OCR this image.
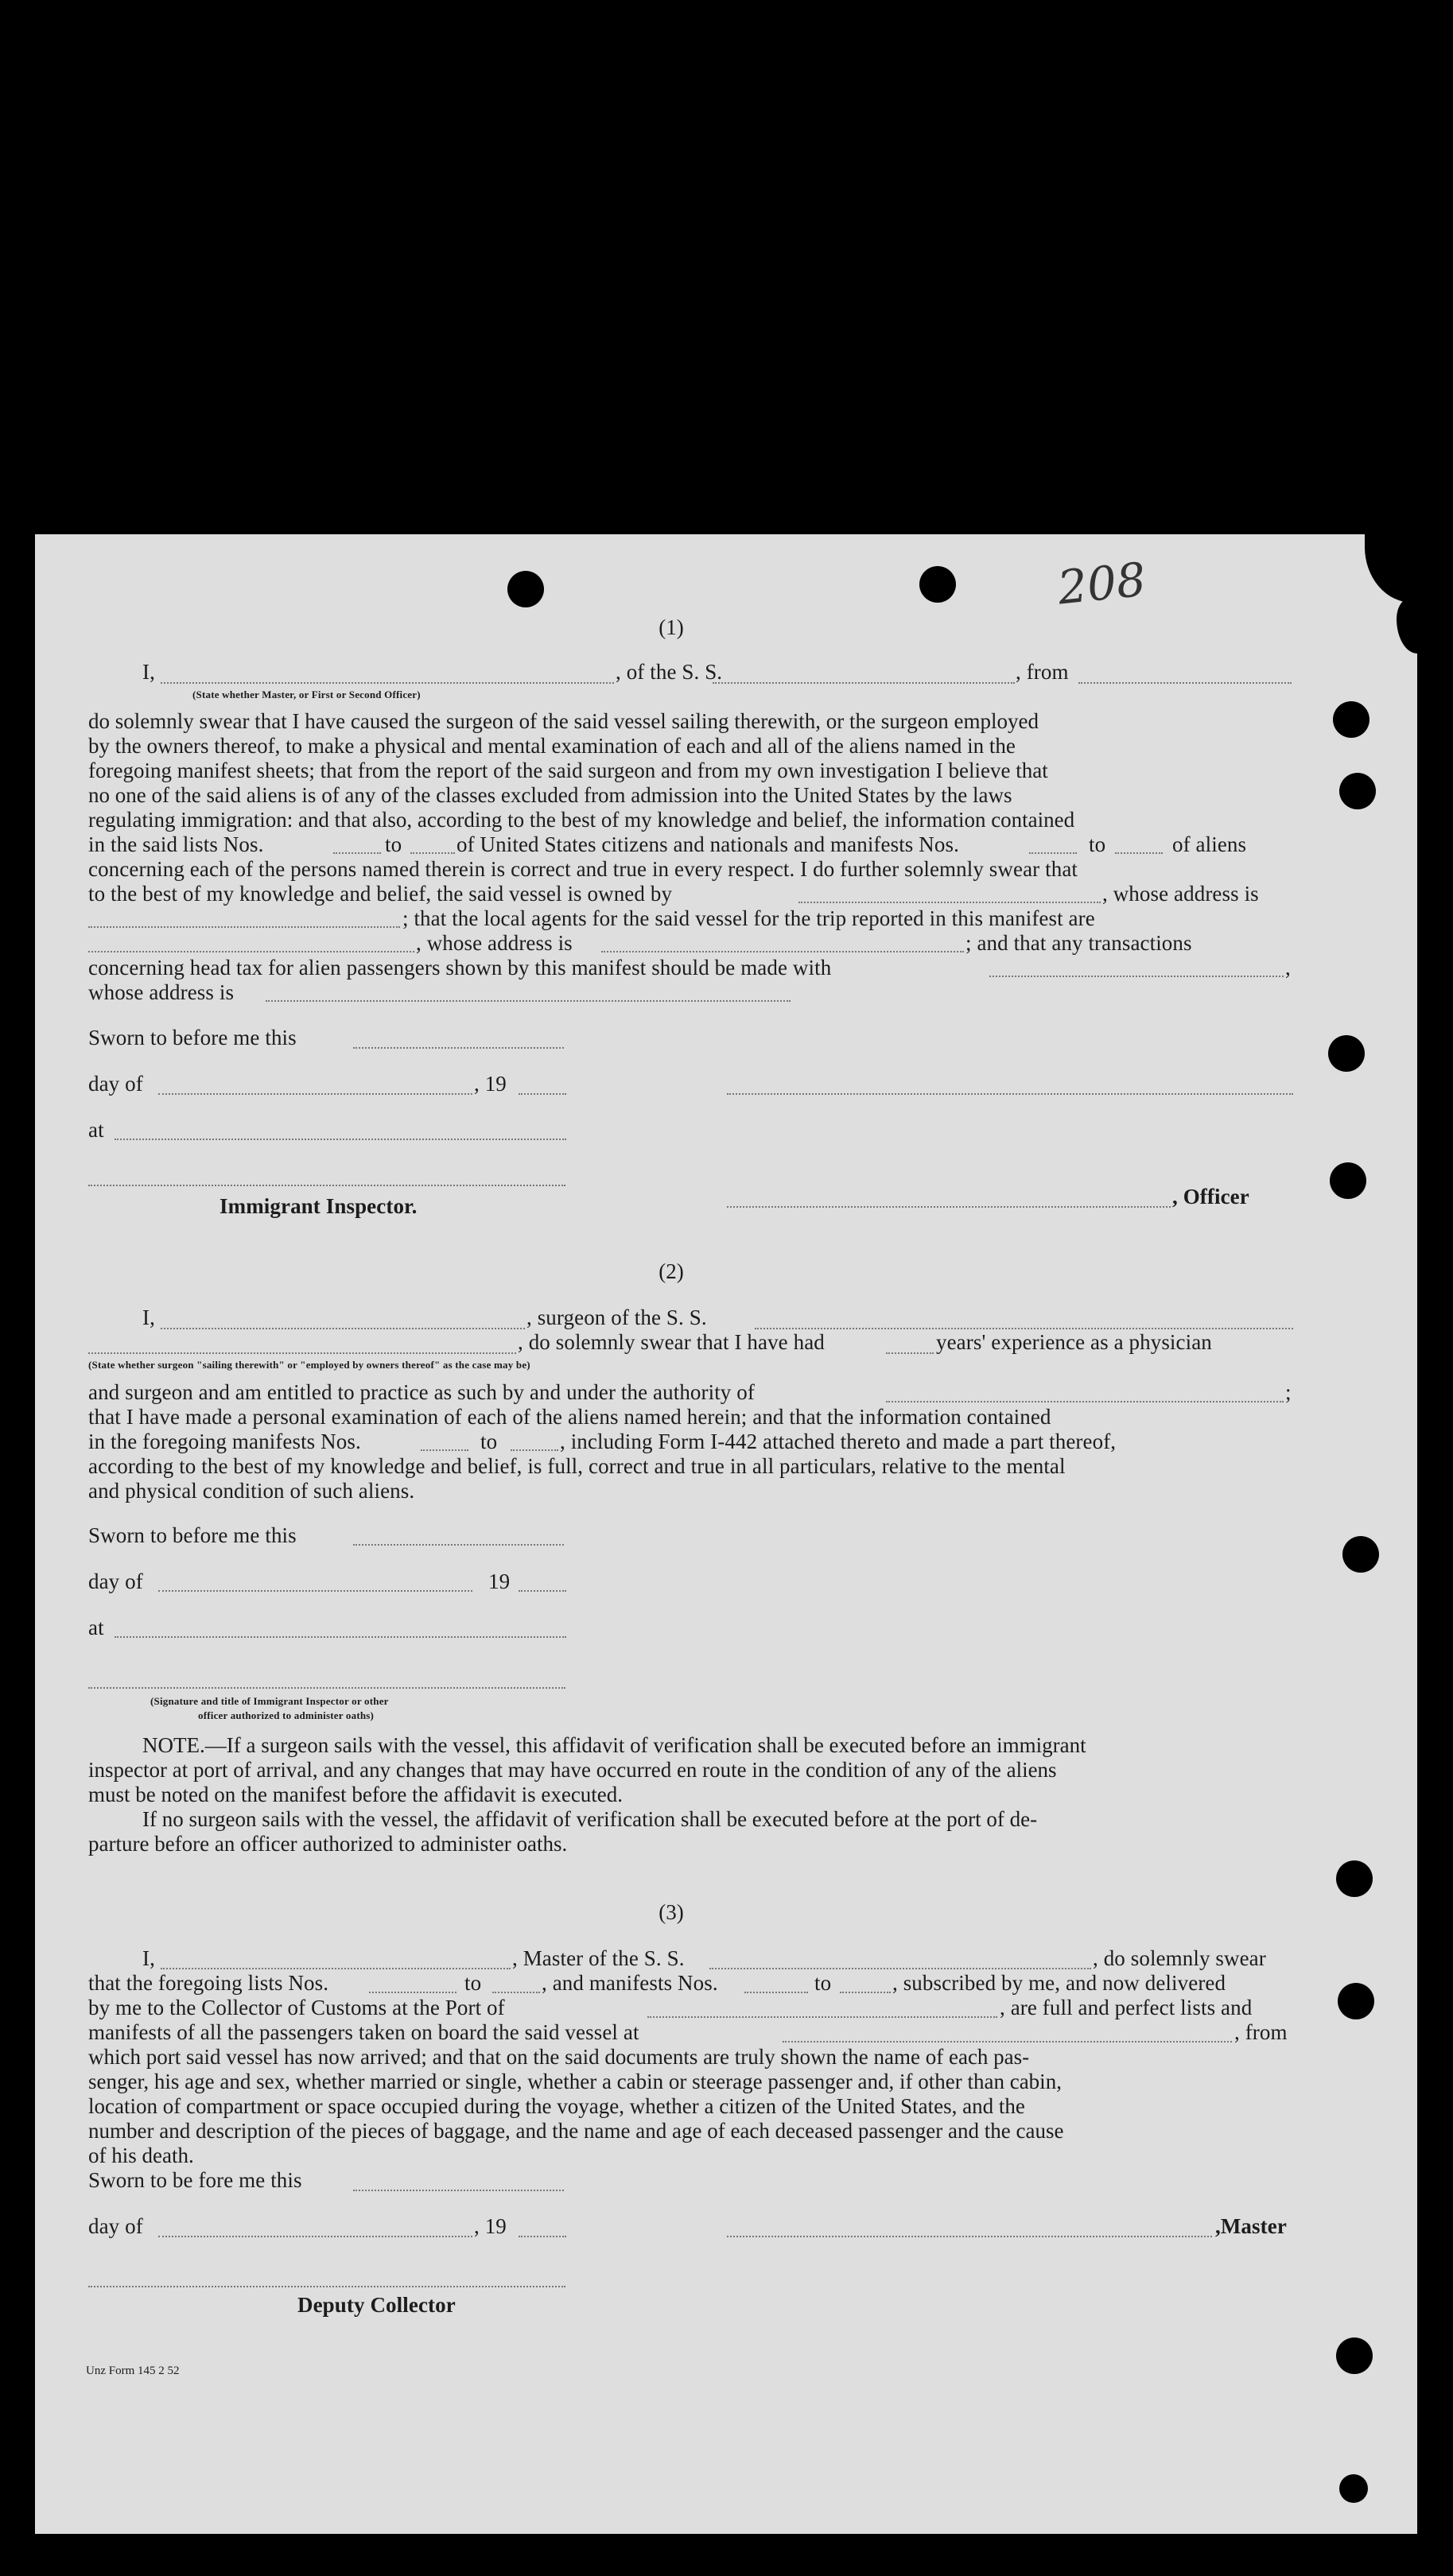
208
(1)
I,	, of the S. S.	, from
(State whether Master, or First or Second Officer)
do solemnly swear that I have caused the surgeon of the said vessel sailing therewith, or the surgeon employed
by the owners thereof, to make a physical and mental examination of each and all of the aliens named in the
foregoing manifest sheets; that from the report of the said surgeon and from my own investigation I believe that
no one of the said aliens is of any of the classes excluded from admission into the United States by the laws
regulating immigration: and that also, according to the best of my knowledge and belief, the information contained
in the said lists Nos.	to	of United States citizens and nationals and manifests Nos.	to	of aliens
concerning each of the persons named therein is correct and true in every respect. I do further solemnly swear that
to the best of my knowledge and belief, the said vessel is owned by	, whose address is
; that the local agents for the said vessel for the trip reported in this manifest are
, whose address is	; and that any transactions
concerning head tax for alien passengers shown by this manifest should be made with	,
whose address is
Sworn to before me this
day of	, 19
at
Immigrant Inspector.	, Officer
(2)
I,	, surgeon of the S. S.
, do solemnly swear that I have had	years' experience as a physician
(State whether surgeon "sailing therewith" or "employed by owners thereof" as the case may be)
and surgeon and am entitled to practice as such by and under the authority of	;
that I have made a personal examination of each of the aliens named herein; and that the information contained
in the foregoing manifests Nos.	to	, including Form I-442 attached thereto and made a part thereof,
according to the best of my knowledge and belief, is full, correct and true in all particulars, relative to the mental
and physical condition of such aliens.
Sworn to before me this
day of	19
at
(Signature and title of Immigrant Inspector or other
officer authorized to administer oaths)
NOTE.—If a surgeon sails with the vessel, this affidavit of verification shall be executed before an immigrant
inspector at port of arrival, and any changes that may have occurred en route in the condition of any of the aliens
must be noted on the manifest before the affidavit is executed.
If no surgeon sails with the vessel, the affidavit of verification shall be executed before at the port of de-
parture before an officer authorized to administer oaths.
(3)
I,	, Master of the S. S.	, do solemnly swear
that the foregoing lists Nos.	to	, and manifests Nos.	to	, subscribed by me, and now delivered
by me to the Collector of Customs at the Port of	, are full and perfect lists and
manifests of all the passengers taken on board the said vessel at	, from
which port said vessel has now arrived; and that on the said documents are truly shown the name of each pas-
senger, his age and sex, whether married or single, whether a cabin or steerage passenger and, if other than cabin,
location of compartment or space occupied during the voyage, whether a citizen of the United States, and the
number and description of the pieces of baggage, and the name and age of each deceased passenger and the cause
of his death.
Sworn to be fore me this
day of	, 19	,Master
Deputy Collector
Unz Form 145 2 52
